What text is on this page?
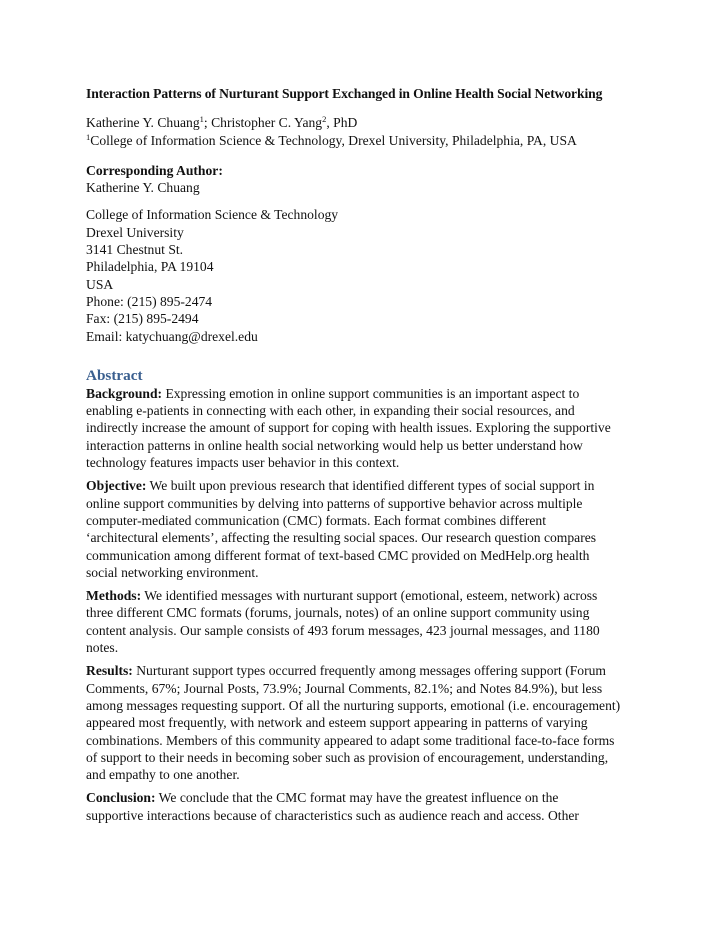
Interaction Patterns of Nurturant Support Exchanged in Online Health Social Networking

Katherine Y. Chuang$^1$; Christopher C. Yang$^2$, PhD

$^1$College of Information Science & Technology, Drexel University, Philadelphia, PA, USA

Corresponding Author:

Katherine Y. Chuang

College of Information Science & Technology

Drexel University

3141 Chestnut St.

Philadelphia, PA 19104

USA

Phone: (215) 895-2474

Fax: (215) 895-2494

Email: katychuang@drexel.edu

Abstract

Background: Expressing emotion in online support communities is an important aspect to
enabling e-patients in connecting with each other, in expanding their social resources, and
indirectly increase the amount of support for coping with health issues. Exploring the supportive
interaction patterns in online health social networking would help us better understand how
technology features impacts user behavior in this context.
Objective: We built upon previous research that identified different types of social support in
online support communities by delving into patterns of supportive behavior across multiple
computer-mediated communication (CMC) formats. Each format combines different
‘architectural elements’, affecting the resulting social spaces. Our research question compares
communication among different format of text-based CMC provided on MedHelp.org health
social networking environment.
Methods: We identified messages with nurturant support (emotional, esteem, network) across
three different CMC formats (forums, journals, notes) of an online support community using
content analysis. Our sample consists of 493 forum messages, 423 journal messages, and 1180
notes.
Results: Nurturant support types occurred frequently among messages offering support (Forum
Comments, 67%; Journal Posts, 73.9%; Journal Comments, 82.1%; and Notes 84.9%), but less
among messages requesting support. Of all the nurturing supports, emotional (i.e. encouragement)
appeared most frequently, with network and esteem support appearing in patterns of varying
combinations. Members of this community appeared to adapt some traditional face-to-face forms
of support to their needs in becoming sober such as provision of encouragement, understanding,
and empathy to one another.
Conclusion: We conclude that the CMC format may have the greatest influence on the
supportive interactions because of characteristics such as audience reach and access. Other
